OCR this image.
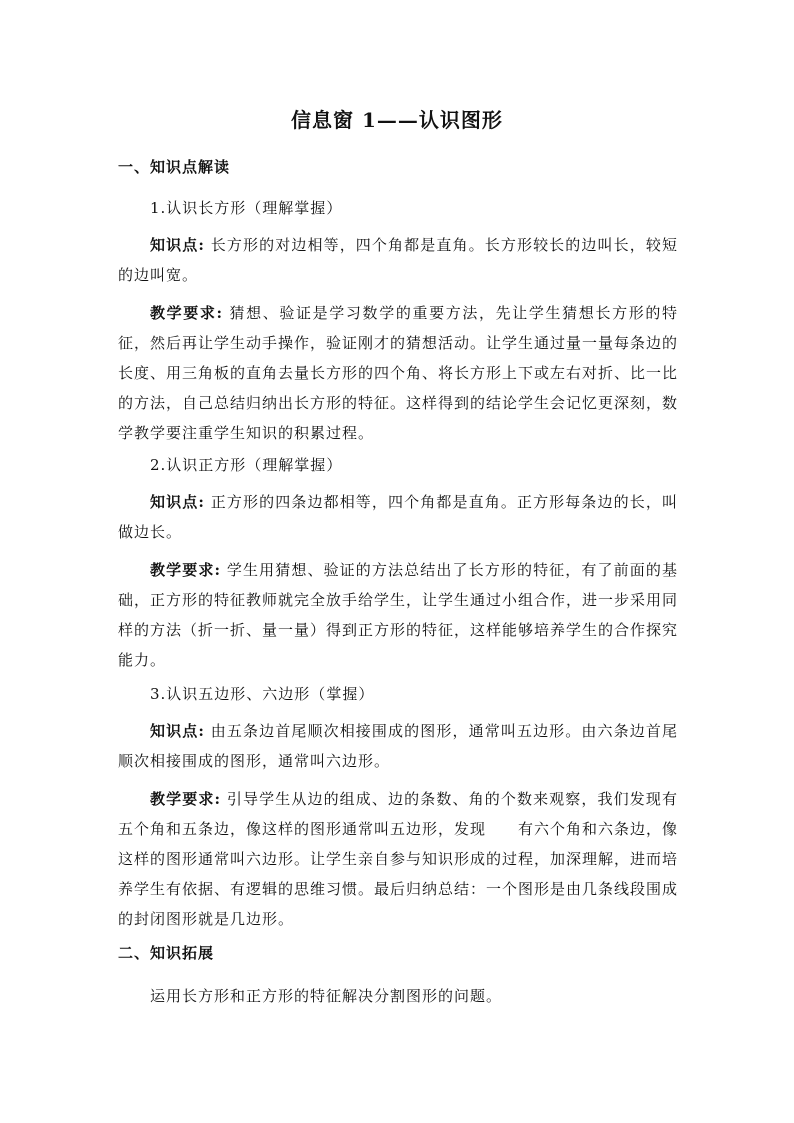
信息窗 1——认识图形
一、知识点解读

1.认识长方形（理解掌握）

知识点: 长方形的对边相等，四个角都是直角。长方形较长的边叫长，较短的边叫宽。

教学要求: 猜想、验证是学习数学的重要方法，先让学生猜想长方形的特征，然后再让学生动手操作，验证刚才的猜想活动。让学生通过量一量每条边的长度、用三角板的直角去量长方形的四个角、将长方形上下或左右对折、比一比的方法，自己总结归纳出长方形的特征。这样得到的结论学生会记忆更深刻，数学教学要注重学生知识的积累过程。

2.认识正方形（理解掌握）

知识点: 正方形的四条边都相等，四个角都是直角。正方形每条边的长，叫做边长。

教学要求: 学生用猜想、验证的方法总结出了长方形的特征，有了前面的基础，正方形的特征教师就完全放手给学生，让学生通过小组合作，进一步采用同样的方法（折一折、量一量）得到正方形的特征，这样能够培养学生的合作探究能力。

3.认识五边形、六边形（掌握）

知识点: 由五条边首尾顺次相接围成的图形，通常叫五边形。由六条边首尾顺次相接围成的图形，通常叫六边形。

教学要求: 引导学生从边的组成、边的条数、角的个数来观察，我们发现有五个角和五条边，像这样的图形通常叫五边形，发现　　有六个角和六条边，像这样的图形通常叫六边形。让学生亲自参与知识形成的过程，加深理解，进而培养学生有依据、有逻辑的思维习惯。最后归纳总结：一个图形是由几条线段围成的封闭图形就是几边形。

二、知识拓展

运用长方形和正方形的特征解决分割图形的问题。
